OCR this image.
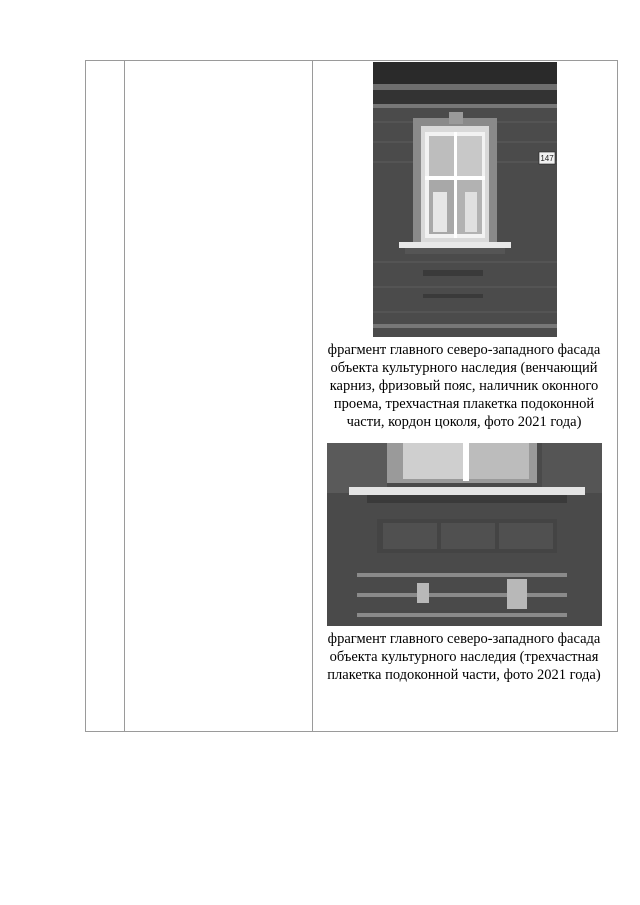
147
фрагмент главного северо-западного фасада объекта культурного наследия (венчающий карниз, фризовый пояс, наличник оконного проема, трехчастная плакетка подоконной части, кордон цоколя, фото 2021 года)
фрагмент главного северо-западного фасада объекта культурного наследия (трехчастная плакетка подоконной части, фото 2021 года)
